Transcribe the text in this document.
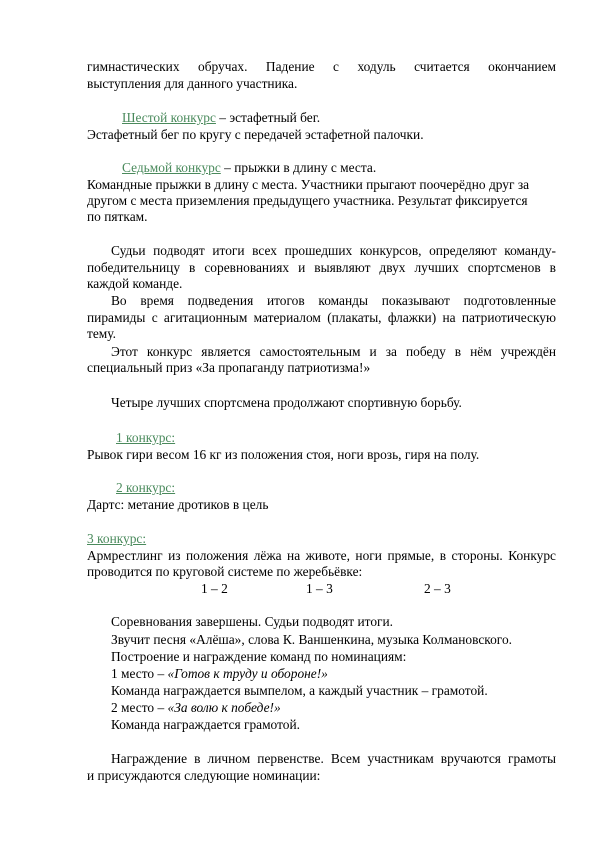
гимнастических обручах. Падение с ходуль считается окончанием
выступления для данного участника.
Шестой конкурс – эстафетный бег.
Эстафетный бег по кругу с передачей эстафетной палочки.
Седьмой конкурс – прыжки в длину с места.
Командные прыжки в длину с места. Участники прыгают поочерёдно друг за
другом с места приземления предыдущего участника. Результат фиксируется
по пяткам.
Судьи подводят итоги всех прошедших конкурсов, определяют команду-
победительницу в соревнованиях и выявляют двух лучших спортсменов в
каждой команде.
Во время подведения итогов команды показывают подготовленные
пирамиды с агитационным материалом (плакаты, флажки) на патриотическую
тему.
Этот конкурс является самостоятельным и за победу в нём учреждён
специальный приз «За пропаганду патриотизма!»
Четыре лучших спортсмена продолжают спортивную борьбу.
1 конкурс:
Рывок гири весом 16 кг из положения стоя, ноги врозь, гиря на полу.
2 конкурс:
Дартс: метание дротиков в цель
3 конкурс:
Армрестлинг из положения лёжа на животе, ноги прямые, в стороны. Конкурс
проводится по круговой системе по жеребьёвке:
1 – 2	1 – 3	2 – 3
Соревнования завершены. Судьи подводят итоги.
Звучит песня «Алёша», слова К. Ваншенкина, музыка Колмановского.
Построение и награждение команд по номинациям:
1 место – «Готов к труду и обороне!»
Команда награждается вымпелом, а каждый участник – грамотой.
2 место – «За волю к победе!»
Команда награждается грамотой.
Награждение в личном первенстве. Всем участникам вручаются грамоты
и присуждаются следующие номинации:
